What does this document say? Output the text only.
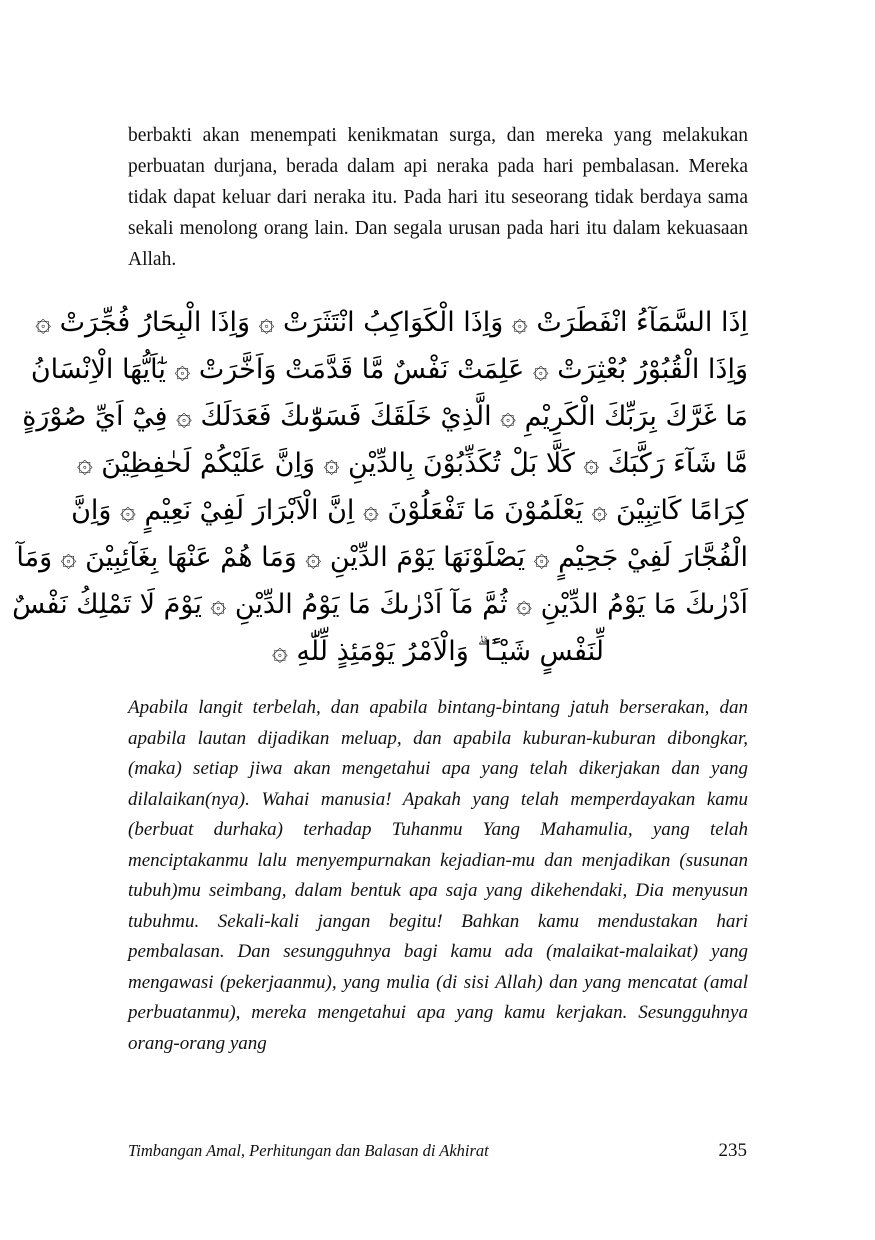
berbakti akan menempati kenikmatan surga, dan mereka yang melakukan perbuatan durjana, berada dalam api neraka pada hari pembalasan. Mereka tidak dapat keluar dari neraka itu. Pada hari itu seseorang tidak berdaya sama sekali menolong orang lain. Dan segala urusan pada hari itu dalam kekuasaan Allah.

اِذَا السَّمَآءُ انْفَطَرَتْ ۞ وَاِذَا الْكَوَاكِبُ انْتَثَرَتْ ۞ وَاِذَا الْبِحَارُ فُجِّرَتْ ۞
وَاِذَا الْقُبُوْرُ بُعْثِرَتْ ۞ عَلِمَتْ نَفْسٌ مَّا قَدَّمَتْ وَاَخَّرَتْ ۞ يٰٓاَيُّهَا الْاِنْسَانُ
مَا غَرَّكَ بِرَبِّكَ الْكَرِيْمِ ۞ الَّذِيْ خَلَقَكَ فَسَوّٰىكَ فَعَدَلَكَ ۞ فِيْٓ اَيِّ صُوْرَةٍ
مَّا شَآءَ رَكَّبَكَ ۞ كَلَّا بَلْ تُكَذِّبُوْنَ بِالدِّيْنِ ۞ وَاِنَّ عَلَيْكُمْ لَحٰفِظِيْنَ ۞
كِرَامًا كَاتِبِيْنَ ۞ يَعْلَمُوْنَ مَا تَفْعَلُوْنَ ۞ اِنَّ الْاَبْرَارَ لَفِيْ نَعِيْمٍ ۞ وَاِنَّ
الْفُجَّارَ لَفِيْ جَحِيْمٍ ۞ يَصْلَوْنَهَا يَوْمَ الدِّيْنِ ۞ وَمَا هُمْ عَنْهَا بِغَآئِبِيْنَ ۞ وَمَآ
اَدْرٰىكَ مَا يَوْمُ الدِّيْنِ ۞ ثُمَّ مَآ اَدْرٰىكَ مَا يَوْمُ الدِّيْنِ ۞ يَوْمَ لَا تَمْلِكُ نَفْسٌ
لِّنَفْسٍ شَيْـًٔا ۗ وَالْاَمْرُ يَوْمَئِذٍ لِّلّٰهِ ۞

Apabila langit terbelah, dan apabila bintang-bintang jatuh berserakan, dan apabila lautan dijadikan meluap, dan apabila kuburan-kuburan dibongkar, (maka) setiap jiwa akan mengetahui apa yang telah dikerjakan dan yang dilalaikan(nya). Wahai manusia! Apakah yang telah memperdayakan kamu (berbuat durhaka) terhadap Tuhanmu Yang Mahamulia, yang telah menciptakanmu lalu menyempurnakan kejadian-mu dan menjadikan (susunan tubuh)mu seimbang, dalam bentuk apa saja yang dikehendaki, Dia menyusun tubuhmu. Sekali-kali jangan begitu! Bahkan kamu mendustakan hari pembalasan. Dan sesungguhnya bagi kamu ada (malaikat-malaikat) yang mengawasi (pekerjaanmu), yang mulia (di sisi Allah) dan yang mencatat (amal perbuatanmu), mereka mengetahui apa yang kamu kerjakan. Sesungguhnya orang-orang yang

Timbangan Amal, Perhitungan dan Balasan di Akhirat	235
